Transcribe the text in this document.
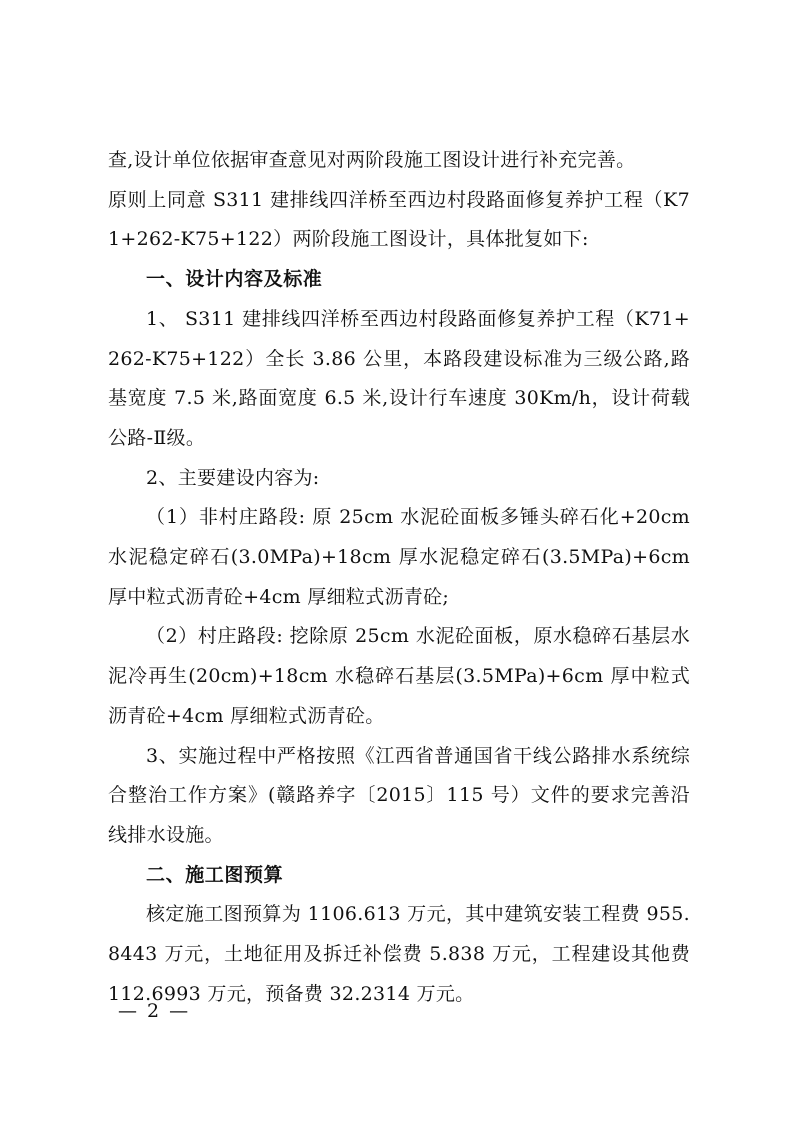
查,设计单位依据审查意见对两阶段施工图设计进行补充完善。

原则上同意 S311 建排线四洋桥至西边村段路面修复养护工程（K71+262-K75+122）两阶段施工图设计，具体批复如下:

一、设计内容及标准

1、 S311 建排线四洋桥至西边村段路面修复养护工程（K71+262-K75+122）全长 3.86 公里，本路段建设标准为三级公路,路基宽度 7.5 米,路面宽度 6.5 米,设计行车速度 30Km/h，设计荷载公路-Ⅱ级。

2、主要建设内容为:

（1）非村庄路段: 原 25cm 水泥砼面板多锤头碎石化+20cm 水泥稳定碎石(3.0MPa)+18cm 厚水泥稳定碎石(3.5MPa)+6cm 厚中粒式沥青砼+4cm 厚细粒式沥青砼;

（2）村庄路段: 挖除原 25cm 水泥砼面板，原水稳碎石基层水泥冷再生(20cm)+18cm 水稳碎石基层(3.5MPa)+6cm 厚中粒式沥青砼+4cm 厚细粒式沥青砼。

3、实施过程中严格按照《江西省普通国省干线公路排水系统综合整治工作方案》(赣路养字〔2015〕115 号）文件的要求完善沿线排水设施。

二、施工图预算

核定施工图预算为 1106.613 万元，其中建筑安装工程费 955.8443 万元，土地征用及拆迁补偿费 5.838 万元，工程建设其他费 112.6993 万元，预备费 32.2314 万元。

— 2 —
